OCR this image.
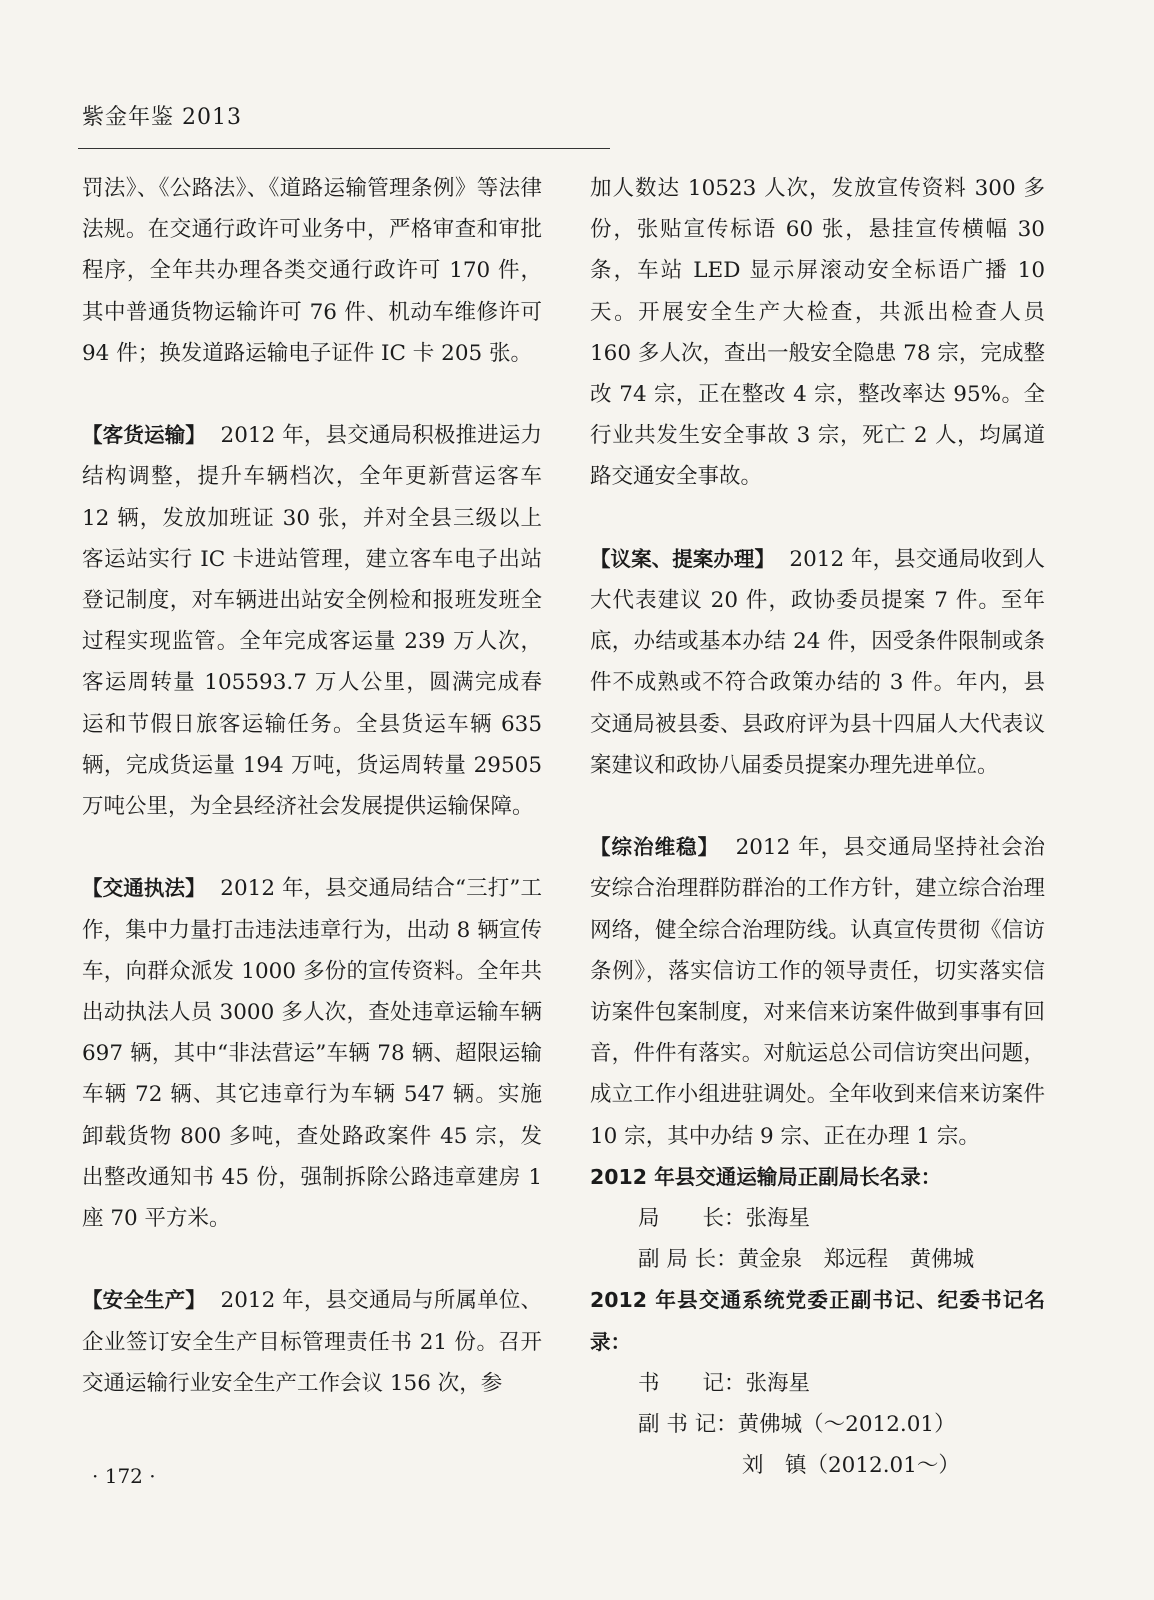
紫金年鉴 2013

罚法》、《公路法》、《道路运输管理条例》等法律法规。在交通行政许可业务中，严格审查和审批程序，全年共办理各类交通行政许可 170 件，其中普通货物运输许可 76 件、机动车维修许可 94 件；换发道路运输电子证件 IC 卡 205 张。

【客货运输】 2012 年，县交通局积极推进运力结构调整，提升车辆档次，全年更新营运客车 12 辆，发放加班证 30 张，并对全县三级以上客运站实行 IC 卡进站管理，建立客车电子出站登记制度，对车辆进出站安全例检和报班发班全过程实现监管。全年完成客运量 239 万人次，客运周转量 105593.7 万人公里，圆满完成春运和节假日旅客运输任务。全县货运车辆 635 辆，完成货运量 194 万吨，货运周转量 29505 万吨公里，为全县经济社会发展提供运输保障。

【交通执法】 2012 年，县交通局结合“三打”工作，集中力量打击违法违章行为，出动 8 辆宣传车，向群众派发 1000 多份的宣传资料。全年共出动执法人员 3000 多人次，查处违章运输车辆 697 辆，其中“非法营运”车辆 78 辆、超限运输车辆 72 辆、其它违章行为车辆 547 辆。实施卸载货物 800 多吨，查处路政案件 45 宗，发出整改通知书 45 份，强制拆除公路违章建房 1 座 70 平方米。

【安全生产】 2012 年，县交通局与所属单位、企业签订安全生产目标管理责任书 21 份。召开交通运输行业安全生产工作会议 156 次，参

加人数达 10523 人次，发放宣传资料 300 多份，张贴宣传标语 60 张，悬挂宣传横幅 30 条，车站 LED 显示屏滚动安全标语广播 10 天。开展安全生产大检查，共派出检查人员 160 多人次，查出一般安全隐患 78 宗，完成整改 74 宗，正在整改 4 宗，整改率达 95%。全行业共发生安全事故 3 宗，死亡 2 人，均属道路交通安全事故。

【议案、提案办理】 2012 年，县交通局收到人大代表建议 20 件，政协委员提案 7 件。至年底，办结或基本办结 24 件，因受条件限制或条件不成熟或不符合政策办结的 3 件。年内，县交通局被县委、县政府评为县十四届人大代表议案建议和政协八届委员提案办理先进单位。

【综治维稳】 2012 年，县交通局坚持社会治安综合治理群防群治的工作方针，建立综合治理网络，健全综合治理防线。认真宣传贯彻《信访条例》，落实信访工作的领导责任，切实落实信访案件包案制度，对来信来访案件做到事事有回音，件件有落实。对航运总公司信访突出问题，成立工作小组进驻调处。全年收到来信来访案件 10 宗，其中办结 9 宗、正在办理 1 宗。

2012 年县交通运输局正副局长名录：

局　　长：张海星

副 局 长：黄金泉　郑远程　黄佛城

2012 年县交通系统党委正副书记、纪委书记名录：

书　　记：张海星

副 书 记：黄佛城（～2012.01）

刘　镇（2012.01～）

· 172 ·
